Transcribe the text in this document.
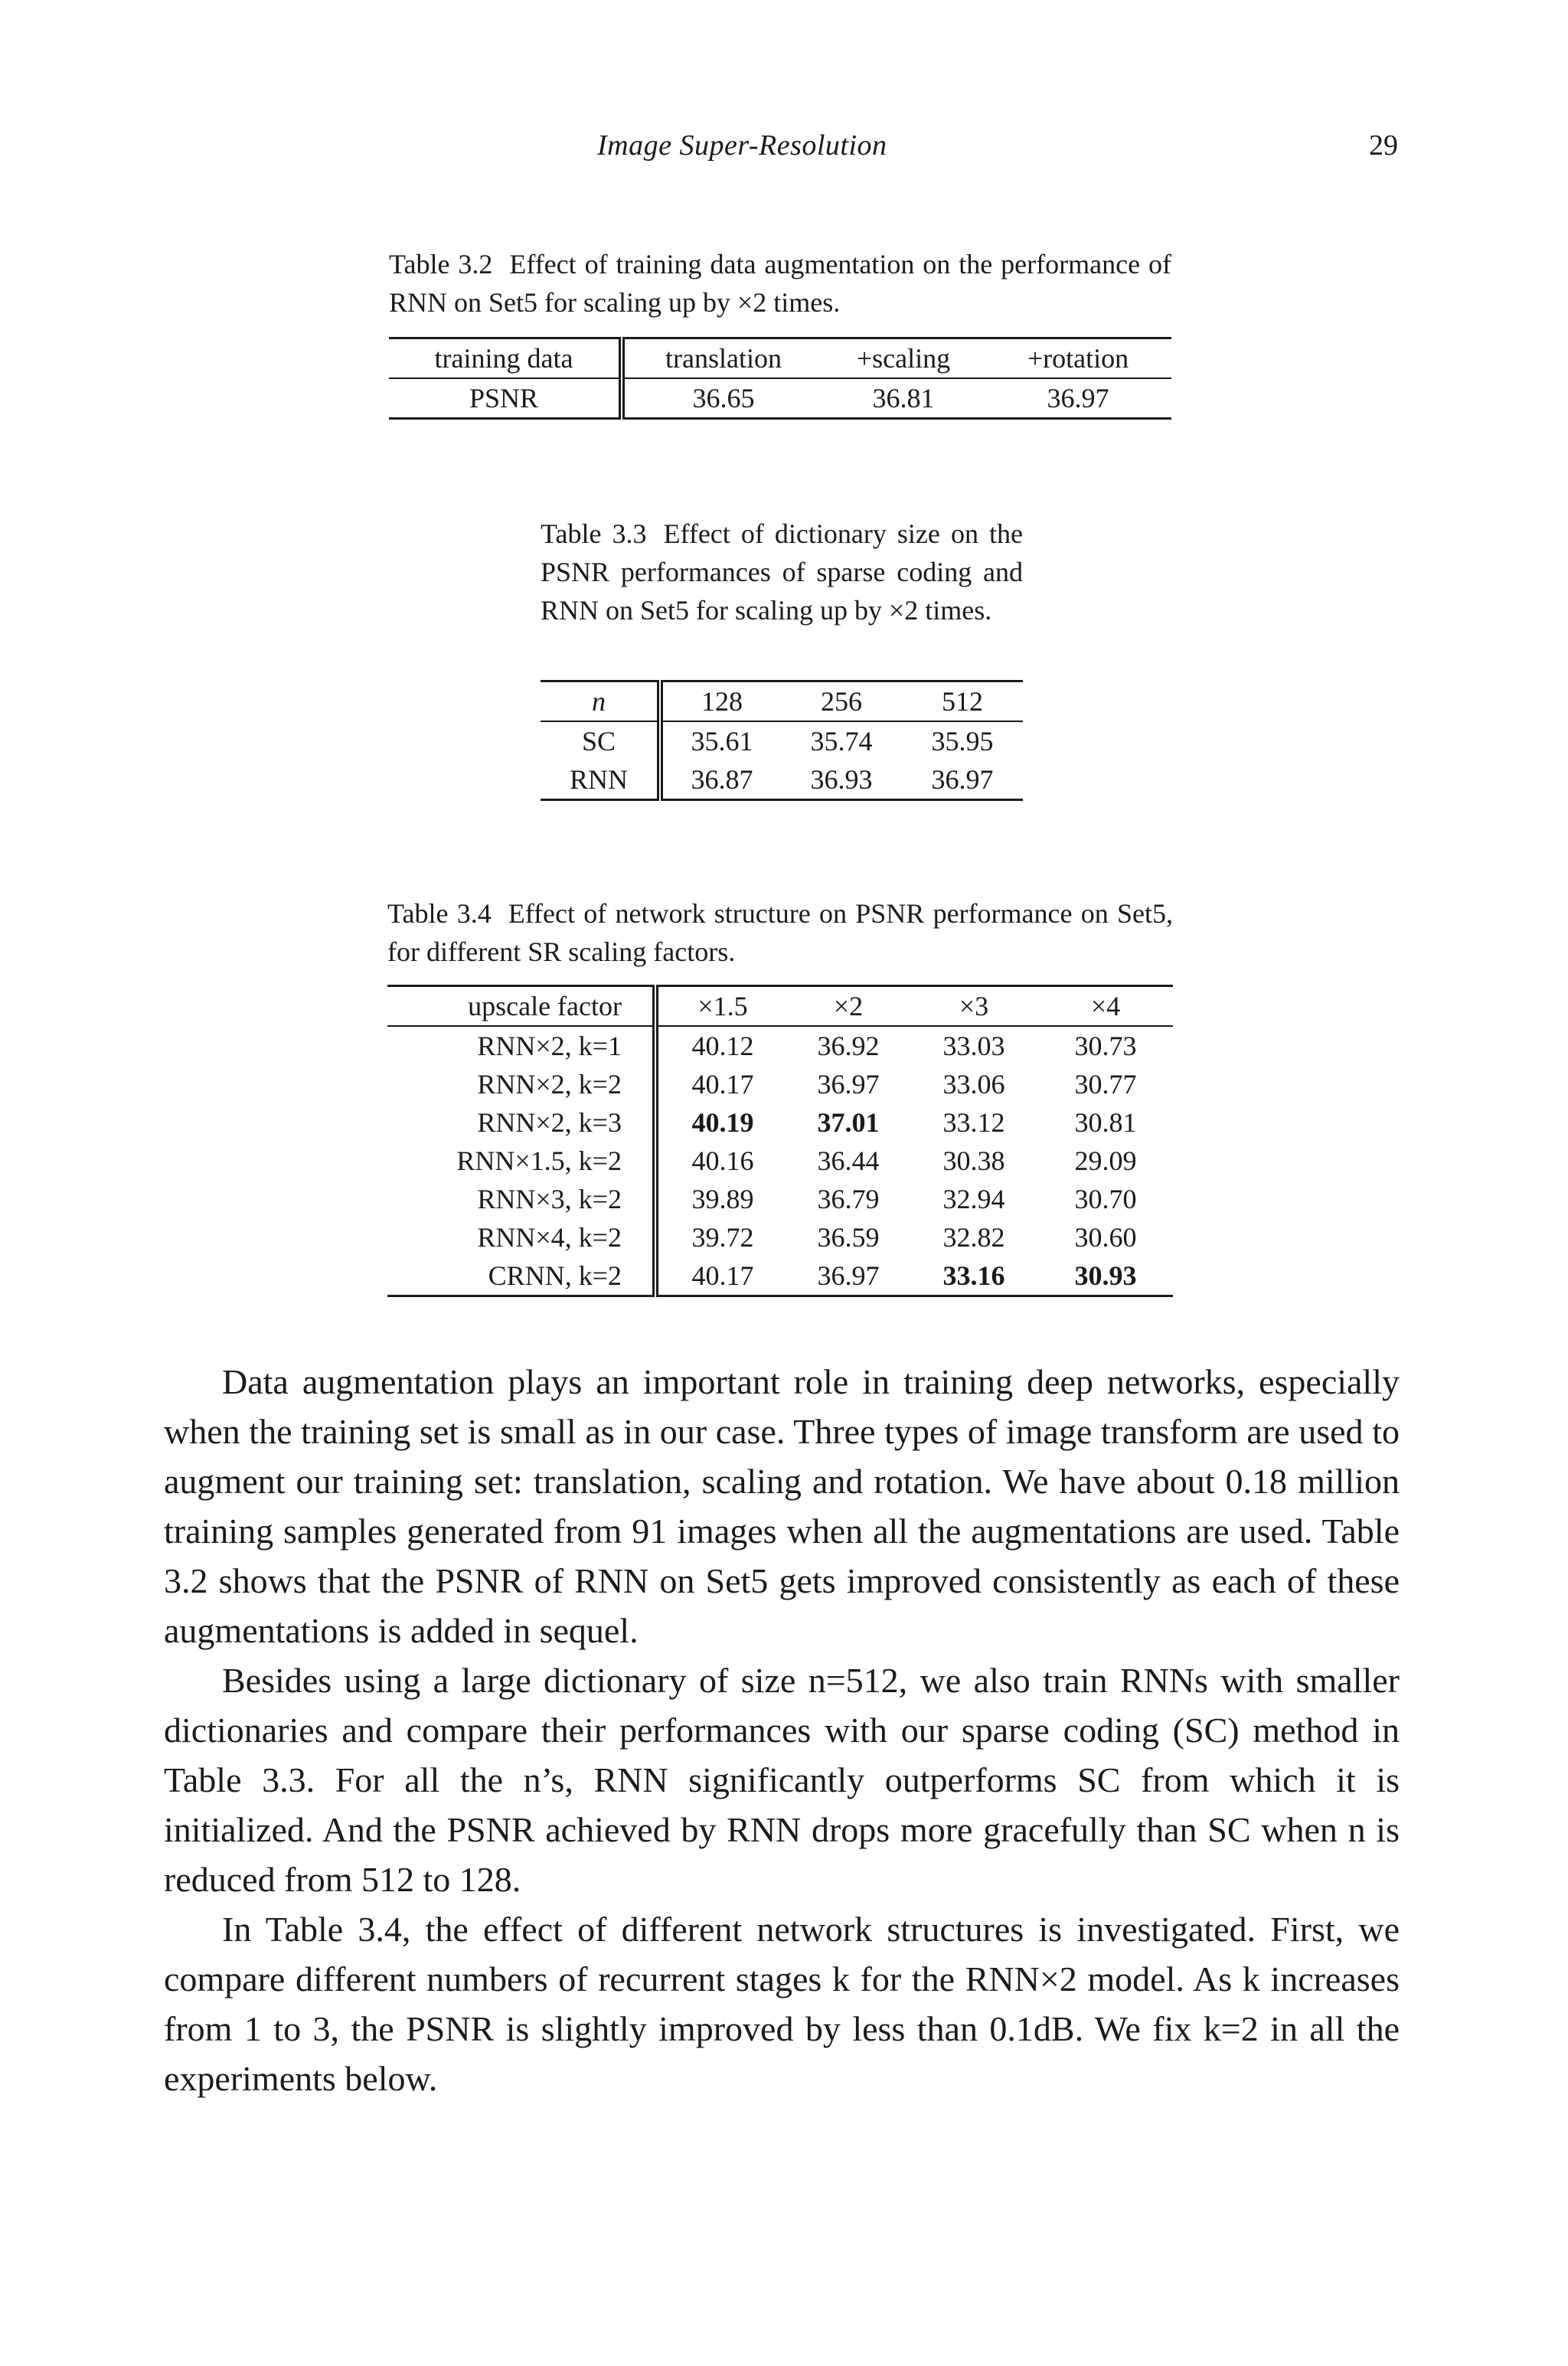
Image Super-Resolution	29
Table 3.2 Effect of training data augmentation on the performance of RNN on Set5 for scaling up by ×2 times.
training data	translation	+scaling	+rotation
PSNR	36.65	36.81	36.97
Table 3.3 Effect of dictionary size on the PSNR performances of sparse coding and RNN on Set5 for scaling up by ×2 times.
n	128	256	512
SC	35.61	35.74	35.95
RNN	36.87	36.93	36.97
Table 3.4 Effect of network structure on PSNR performance on Set5, for different SR scaling factors.
upscale factor	×1.5	×2	×3	×4
RNN×2, k=1	40.12	36.92	33.03	30.73
RNN×2, k=2	40.17	36.97	33.06	30.77
RNN×2, k=3	40.19	37.01	33.12	30.81
RNN×1.5, k=2	40.16	36.44	30.38	29.09
RNN×3, k=2	39.89	36.79	32.94	30.70
RNN×4, k=2	39.72	36.59	32.82	30.60
CRNN, k=2	40.17	36.97	33.16	30.93

Data augmentation plays an important role in training deep networks, especially when the training set is small as in our case. Three types of image transform are used to augment our training set: translation, scaling and rotation. We have about 0.18 million training samples generated from 91 images when all the augmentations are used. Table 3.2 shows that the PSNR of RNN on Set5 gets improved consistently as each of these augmentations is added in sequel.

Besides using a large dictionary of size n=512, we also train RNNs with smaller dictionaries and compare their performances with our sparse coding (SC) method in Table 3.3. For all the n’s, RNN significantly outperforms SC from which it is initialized. And the PSNR achieved by RNN drops more gracefully than SC when n is reduced from 512 to 128.

In Table 3.4, the effect of different network structures is investigated. First, we compare different numbers of recurrent stages k for the RNN×2 model. As k increases from 1 to 3, the PSNR is slightly improved by less than 0.1dB. We fix k=2 in all the experiments below.
